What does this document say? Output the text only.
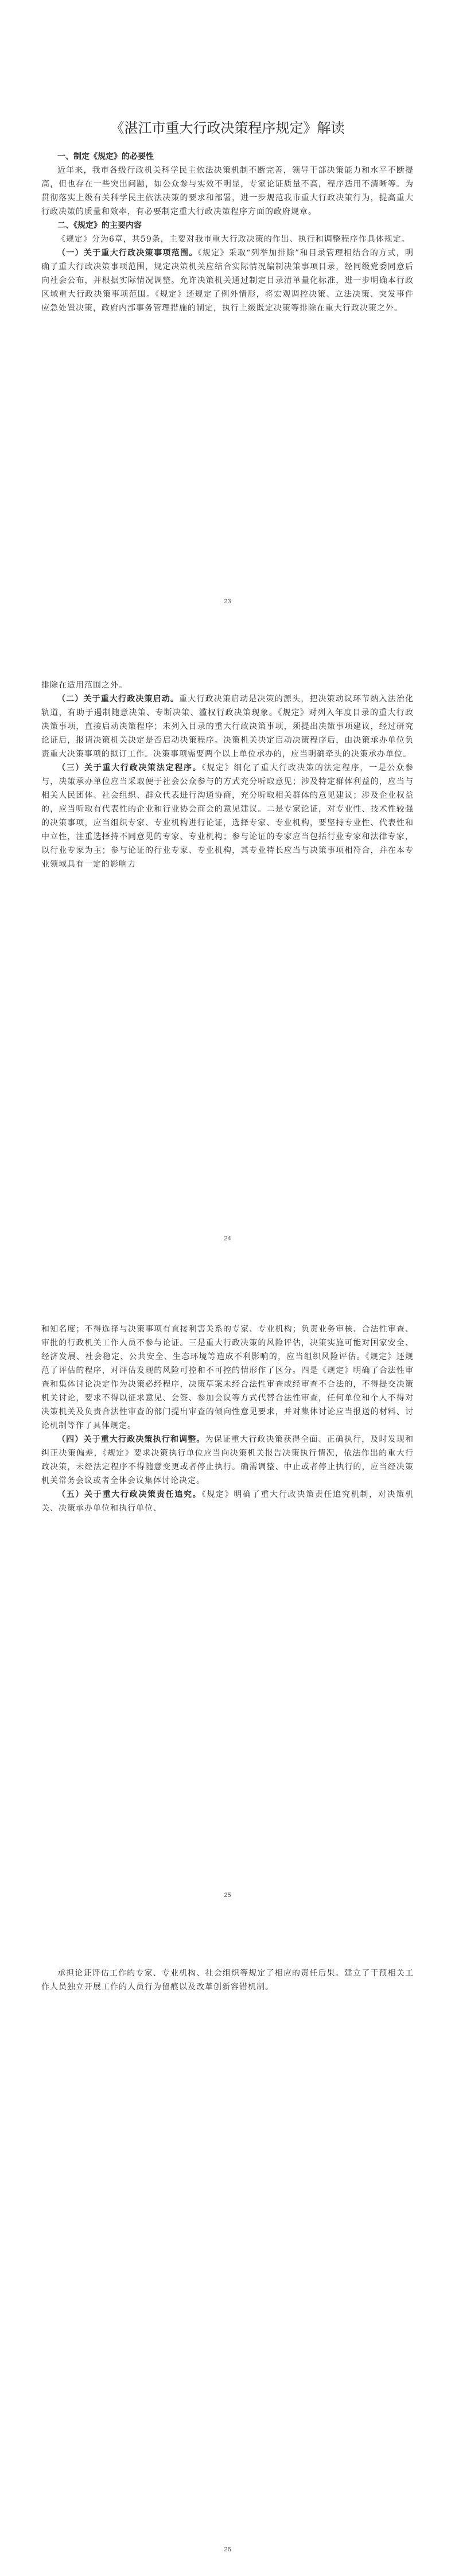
《湛江市重大行政决策程序规定》解读
一、制定《规定》的必要性

近年来，我市各级行政机关科学民主依法决策机制不断完善，领导干部决策能力和水平不断提高，但也存在一些突出问题，如公众参与实效不明显，专家论证质量不高，程序适用不清晰等。为贯彻落实上级有关科学民主依法决策的要求和部署，进一步规范我市重大行政决策行为，提高重大行政决策的质量和效率，有必要制定重大行政决策程序方面的政府规章。

二、《规定》的主要内容

《规定》分为6章，共59条，主要对我市重大行政决策的作出、执行和调整程序作具体规定。

（一）关于重大行政决策事项范围。《规定》采取“列举加排除”和目录管理相结合的方式，明确了重大行政决策事项范围，规定决策机关应结合实际情况编制决策事项目录，经同级党委同意后向社会公布，并根据实际情况调整。允许决策机关通过制定目录清单量化标准，进一步明确本行政区域重大行政决策事项范围。《规定》还规定了例外情形，将宏观调控决策、立法决策、突发事件应急处置决策，政府内部事务管理措施的制定，执行上级既定决策等排除在重大行政决策之外。

23

排除在适用范围之外。

（二）关于重大行政决策启动。重大行政决策启动是决策的源头，把决策动议环节纳入法治化轨道，有助于遏制随意决策、专断决策、滥权行政决策现象。《规定》对列入年度目录的重大行政决策事项，直接启动决策程序；未列入目录的重大行政决策事项，须提出决策事项建议，经过研究论证后，报请决策机关决定是否启动决策程序。决策机关决定启动决策程序后，由决策承办单位负责重大决策事项的拟订工作。决策事项需要两个以上单位承办的，应当明确牵头的决策承办单位。

（三）关于重大行政决策法定程序。《规定》细化了重大行政决策的法定程序，一是公众参与，决策承办单位应当采取便于社会公众参与的方式充分听取意见；涉及特定群体利益的，应当与相关人民团体、社会组织、群众代表进行沟通协商，充分听取相关群体的意见建议；涉及企业权益的，应当听取有代表性的企业和行业协会商会的意见建议。二是专家论证，对专业性、技术性较强的决策事项，应当组织专家、专业机构进行论证，选择专家、专业机构，要坚持专业性、代表性和中立性，注重选择持不同意见的专家、专业机构；参与论证的专家应当包括行业专家和法律专家，以行业专家为主；参与论证的行业专家、专业机构，其专业特长应当与决策事项相符合，并在本专业领域具有一定的影响力

24

和知名度；不得选择与决策事项有直接利害关系的专家、专业机构；负责业务审核、合法性审查、审批的行政机关工作人员不参与论证。三是重大行政决策的风险评估，决策实施可能对国家安全、经济发展、社会稳定、公共安全、生态环境等造成不利影响的，应当组织风险评估。《规定》还规范了评估的程序，对评估发现的风险可控和不可控的情形作了区分。四是《规定》明确了合法性审查和集体讨论决定作为决策必经程序，决策草案未经合法性审查或经审查不合法的，不得提交决策机关讨论，要求不得以征求意见、会签、参加会议等方式代替合法性审查，任何单位和个人不得对决策机关及负责合法性审查的部门提出审查的倾向性意见要求，并对集体讨论应当报送的材料、讨论机制等作了具体规定。

（四）关于重大行政决策执行和调整。为保证重大行政决策获得全面、正确执行，及时发现和纠正决策偏差，《规定》要求决策执行单位应当向决策机关报告决策执行情况，依法作出的重大行政决策，未经法定程序不得随意变更或者停止执行。确需调整、中止或者停止执行的，应当经决策机关常务会议或者全体会议集体讨论决定。

（五）关于重大行政决策责任追究。《规定》明确了重大行政决策责任追究机制，对决策机关、决策承办单位和执行单位、

25

承担论证评估工作的专家、专业机构、社会组织等规定了相应的责任后果。建立了干预相关工作人员独立开展工作的人员行为留痕以及改革创新容错机制。

26
